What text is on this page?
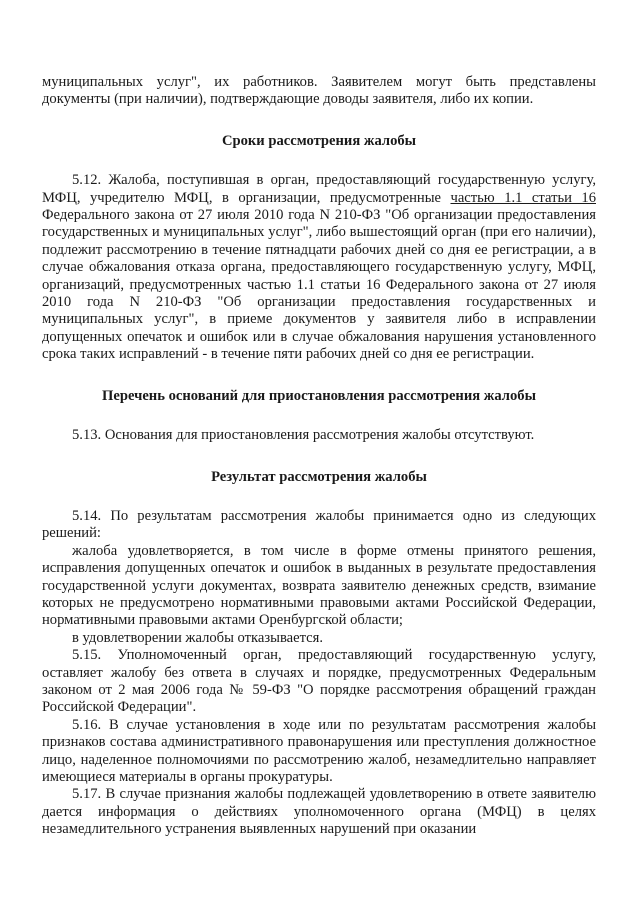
муниципальных услуг", их работников. Заявителем могут быть представлены документы (при наличии), подтверждающие доводы заявителя, либо их копии.

Сроки рассмотрения жалобы

5.12. Жалоба, поступившая в орган, предоставляющий государственную услугу, МФЦ, учредителю МФЦ, в организации, предусмотренные частью 1.1 статьи 16 Федерального закона от 27 июля 2010 года N 210-ФЗ "Об организации предоставления государственных и муниципальных услуг", либо вышестоящий орган (при его наличии), подлежит рассмотрению в течение пятнадцати рабочих дней со дня ее регистрации, а в случае обжалования отказа органа, предоставляющего государственную услугу, МФЦ, организаций, предусмотренных частью 1.1 статьи 16 Федерального закона от 27 июля 2010 года N 210-ФЗ "Об организации предоставления государственных и муниципальных услуг", в приеме документов у заявителя либо в исправлении допущенных опечаток и ошибок или в случае обжалования нарушения установленного срока таких исправлений - в течение пяти рабочих дней со дня ее регистрации.

Перечень оснований для приостановления рассмотрения жалобы

5.13. Основания для приостановления рассмотрения жалобы отсутствуют.

Результат рассмотрения жалобы

5.14. По результатам рассмотрения жалобы принимается одно из следующих решений:

жалоба удовлетворяется, в том числе в форме отмены принятого решения, исправления допущенных опечаток и ошибок в выданных в результате предоставления государственной услуги документах, возврата заявителю денежных средств, взимание которых не предусмотрено нормативными правовыми актами Российской Федерации, нормативными правовыми актами Оренбургской области;

в удовлетворении жалобы отказывается.

5.15. Уполномоченный орган, предоставляющий государственную услугу, оставляет жалобу без ответа в случаях и порядке, предусмотренных Федеральным законом от 2 мая 2006 года № 59-ФЗ "О порядке рассмотрения обращений граждан Российской Федерации".

5.16. В случае установления в ходе или по результатам рассмотрения жалобы признаков состава административного правонарушения или преступления должностное лицо, наделенное полномочиями по рассмотрению жалоб, незамедлительно направляет имеющиеся материалы в органы прокуратуры.

5.17. В случае признания жалобы подлежащей удовлетворению в ответе заявителю дается информация о действиях уполномоченного органа (МФЦ) в целях незамедлительного устранения выявленных нарушений при оказании
